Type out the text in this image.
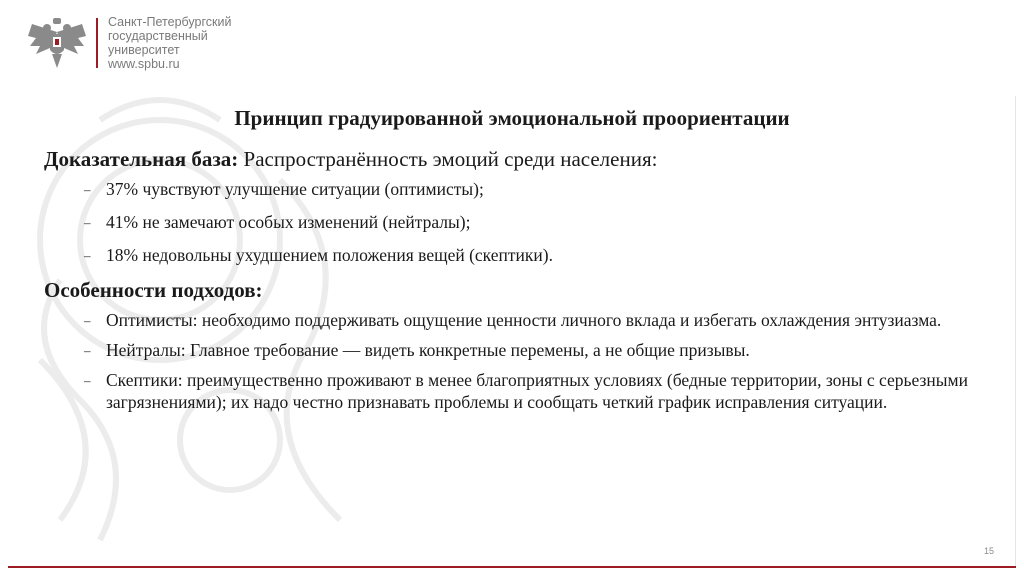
Санкт-Петербургский
государственный
университет
www.spbu.ru
Принцип градуированной эмоциональной проориентации

Доказательная база: Распространённость эмоций среди населения:

– 37% чувствуют улучшение ситуации (оптимисты);
– 41% не замечают особых изменений (нейтралы);
– 18% недовольны ухудшением положения вещей (скептики).

Особенности подходов:

– Оптимисты: необходимо поддерживать ощущение ценности личного вклада и избегать охлаждения энтузиазма.
– Нейтралы: Главное требование — видеть конкретные перемены, а не общие призывы.
– Скептики: преимущественно проживают в менее благоприятных условиях (бедные территории, зоны с серьезными загрязнениями); их надо честно признавать проблемы и сообщать четкий график исправления ситуации.
15
